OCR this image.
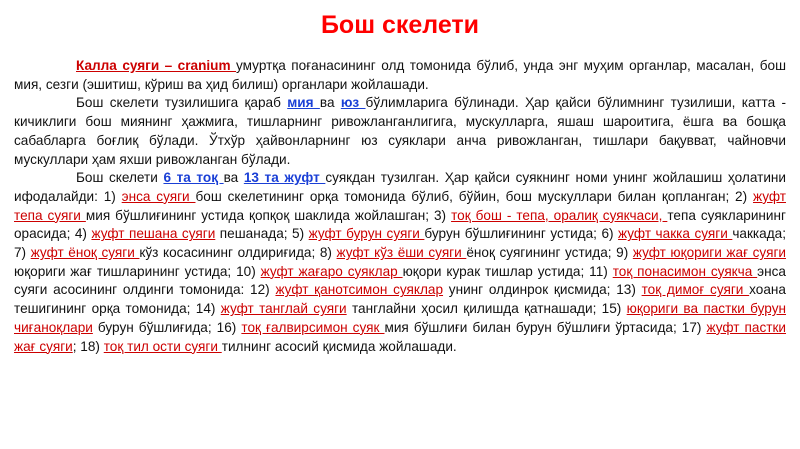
Бош скелети

Калла суяги – cranium умуртқа поғанасининг олд томонида бўлиб, унда энг муҳим органлар, масалан, бош мия, сезги (эшитиш, кўриш ва ҳид билиш) органлари жойлашади.

Бош скелети тузилишига қараб мия ва юз бўлимларига бўлинади. Ҳар қайси бўлимнинг тузилиши, катта - кичиклиги бош миянинг ҳажмига, тишларнинг ривожланганлигига, мускулларга, яшаш шароитига, ёшга ва бошқа сабабларга боғлиқ бўлади. Ўтхўр ҳайвонларнинг юз суяклари анча ривожланган, тишлари бақувват, чайновчи мускуллари ҳам яхши ривожланган бўлади.

Бош скелети 6 та тоқ ва 13 та жуфт суякдан тузилган. Ҳар қайси суякнинг номи унинг жойлашиш ҳолатини ифодалайди: 1) энса суяги бош скелетининг орқа томонида бўлиб, бўйин, бош мускуллари билан қопланган; 2) жуфт тепа суяги мия бўшлиғининг устида қопқоқ шаклида жойлашган; 3) тоқ бош - тепа, оралиқ суякчаси, тепа суякларининг орасида; 4) жуфт пешана суяги пешанада; 5) жуфт бурун суяги бурун бўшлиғининг устида; 6) жуфт чакка суяги чаккада; 7) жуфт ёноқ суяги кўз косасининг олдириғида; 8) жуфт кўз ёши суяги ёноқ суягининг устида; 9) жуфт юқориги жағ суяги юқориги жағ тишларининг устида; 10) жуфт жағаро суяклар юқори курак тишлар устида; 11) тоқ понасимон суякча энса суяги асосининг олдинги томонида: 12) жуфт қанотсимон суяклар унинг олдинрок қисмида; 13) тоқ димоғ суяги хоана тешигининг орқа томонида; 14) жуфт танглай суяги танглайни ҳосил қилишда қатнашади; 15) юқориги ва пастки бурун чиғаноқлари бурун бўшлиғида; 16) тоқ ғалвирсимон суяк мия бўшлиғи билан бурун бўшлиғи ўртасида; 17) жуфт пастки жағ суяги; 18) тоқ тил ости суяги тилнинг асосий қисмида жойлашади.
